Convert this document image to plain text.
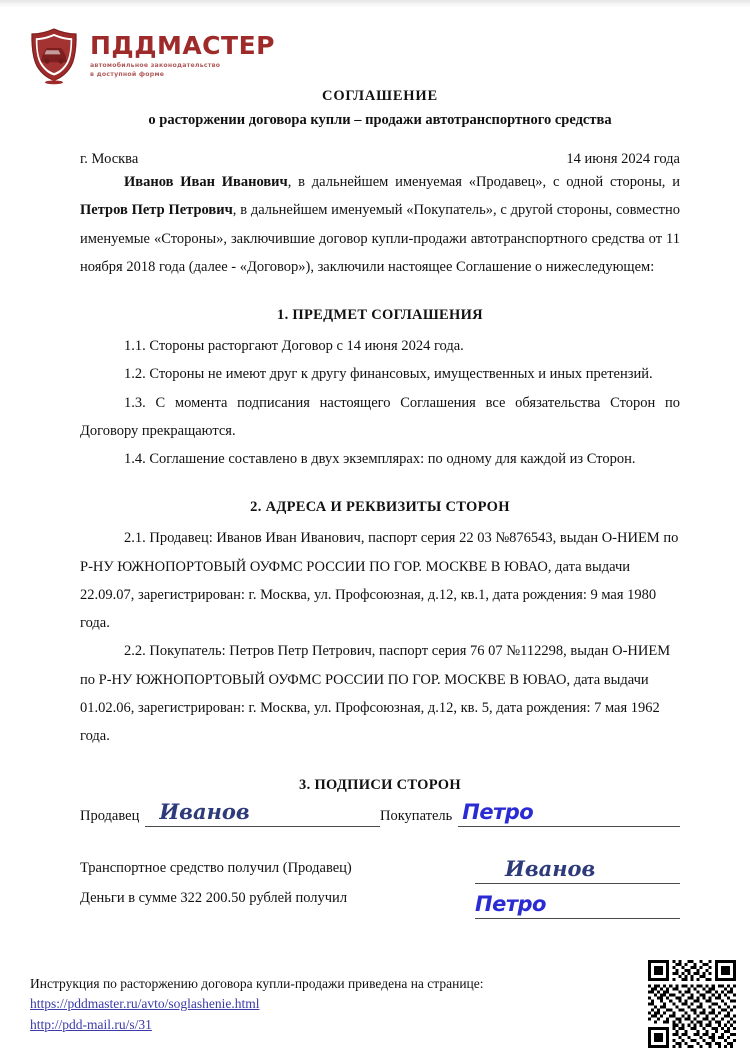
ПДДМАСТЕР
автомобильное законодательство
в доступной форме
СОГЛАШЕНИЕ
о расторжении договора купли – продажи автотранспортного средства
г. Москва	14 июня 2024 года

Иванов Иван Иванович, в дальнейшем именуемая «Продавец», с одной стороны, и Петров Петр Петрович, в дальнейшем именуемый «Покупатель», с другой стороны, совместно именуемые «Стороны», заключившие договор купли-продажи автотранспортного средства от 11 ноября 2018 года (далее - «Договор»), заключили настоящее Соглашение о нижеследующем:

1. ПРЕДМЕТ СОГЛАШЕНИЯ

1.1. Стороны расторгают Договор с 14 июня 2024 года.

1.2. Стороны не имеют друг к другу финансовых, имущественных и иных претензий.

1.3. С момента подписания настоящего Соглашения все обязательства Сторон по Договору прекращаются.

1.4. Соглашение составлено в двух экземплярах: по одному для каждой из Сторон.

2. АДРЕСА И РЕКВИЗИТЫ СТОРОН

2.1. Продавец: Иванов Иван Иванович, паспорт серия 22 03 №876543, выдан О-НИЕМ по Р-НУ ЮЖНОПОРТОВЫЙ ОУФМС РОССИИ ПО ГОР. МОСКВЕ В ЮВАО, дата выдачи 22.09.07, зарегистрирован: г. Москва, ул. Профсоюзная, д.12, кв.1, дата рождения: 9 мая 1980 года.

2.2. Покупатель: Петров Петр Петрович, паспорт серия 76 07 №112298, выдан О-НИЕМ по Р-НУ ЮЖНОПОРТОВЫЙ ОУФМС РОССИИ ПО ГОР. МОСКВЕ В ЮВАО, дата выдачи 01.02.06, зарегистрирован: г. Москва, ул. Профсоюзная, д.12, кв. 5, дата рождения: 7 мая 1962 года.

3. ПОДПИСИ СТОРОН
Продавец Иванов	Покупатель Петро
Транспортное средство получил (Продавец)
Деньги в сумме 322 200.50 рублей получил
Иванов
Петро

Инструкция по расторжению договора купли-продажи приведена на странице:

https://pddmaster.ru/avto/soglashenie.html
http://pdd-mail.ru/s/31
